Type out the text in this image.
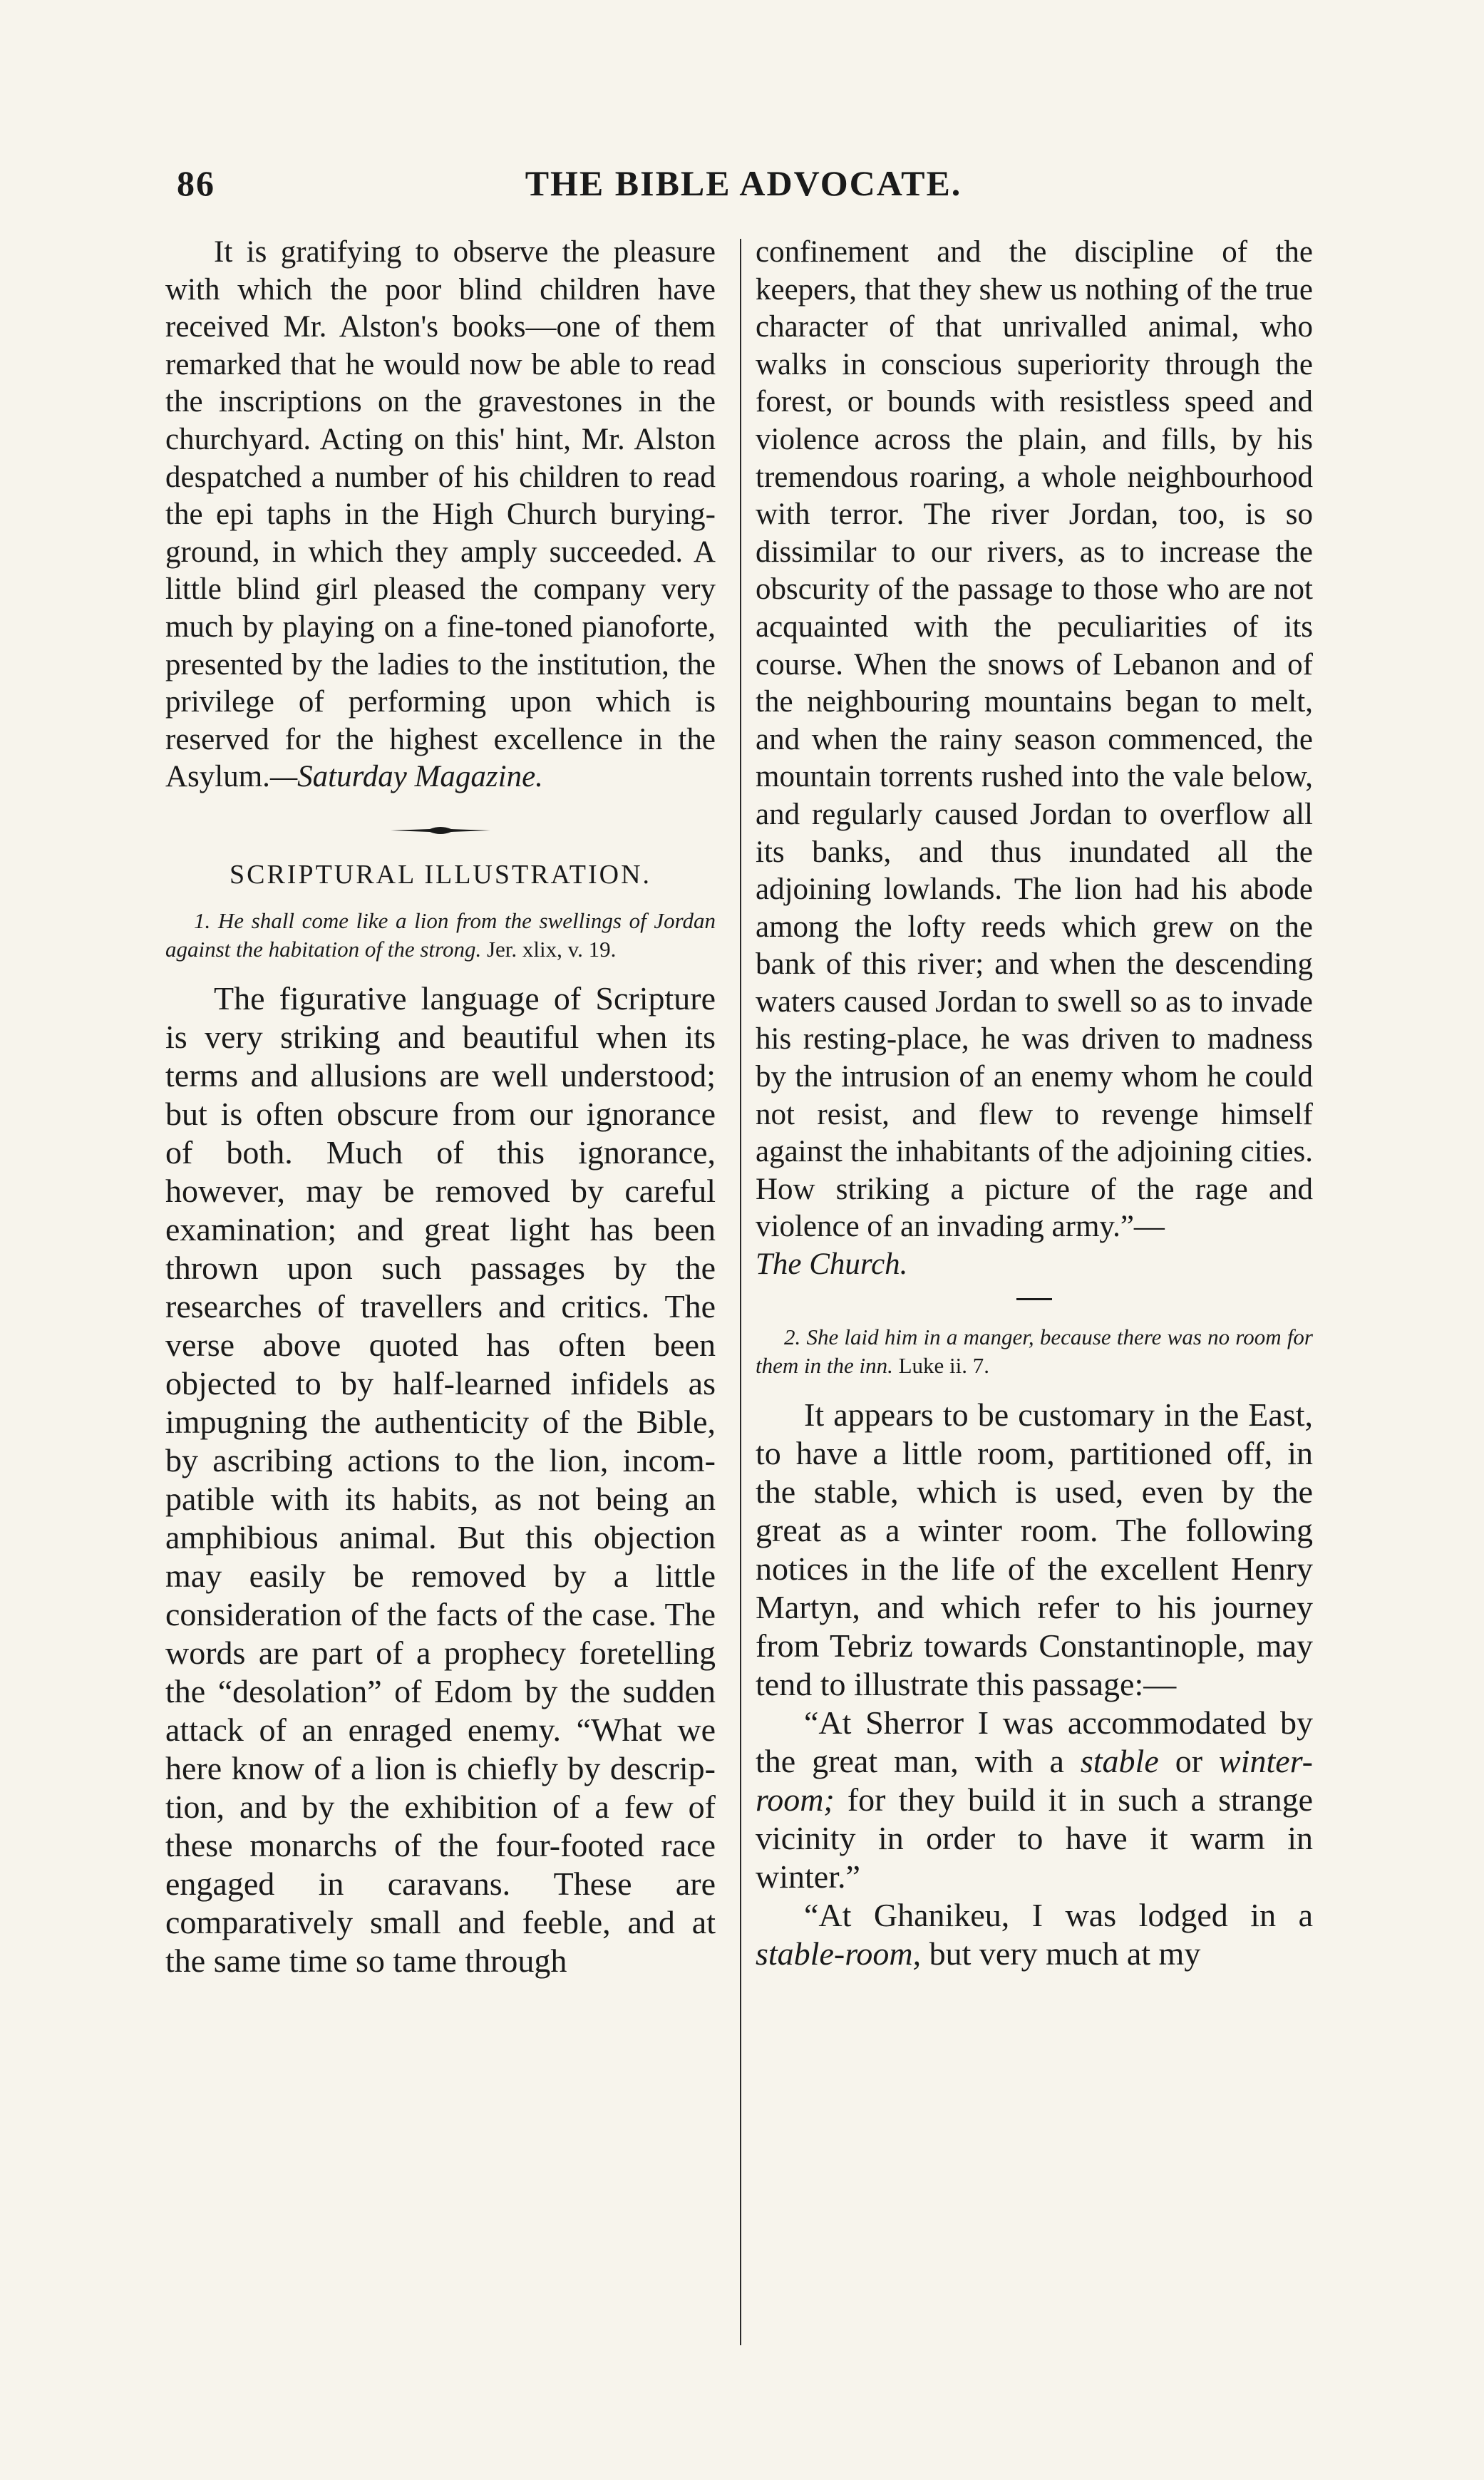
86	THE BIBLE ADVOCATE.

It is gratifying to observe the pleasure with which the poor blind children have received Mr. Alston's books—one of them remarked that he would now be able to read the inscriptions on the gravestones in the churchyard. Acting on this' hint, Mr. Alston despatched a number of his children to read the epi taphs in the High Church burying-ground, in which they amply succeeded. A little blind girl pleased the company very much by playing on a fine-toned pianoforte, presented by the ladies to the institution, the privilege of performing upon which is reserved for the highest excellence in the Asylum.—Saturday Magazine.

SCRIPTURAL ILLUSTRATION.

1. He shall come like a lion from the swellings of Jordan against the habitation of the strong. Jer. xlix, v. 19.

The figurative language of Scripture is very striking and beautiful when its terms and allusions are well understood; but is often obscure from our ignorance of both. Much of this ignorance, however, may be removed by careful examination; and great light has been thrown upon such passages by the researches of travellers and critics. The verse above quoted has often been objected to by half-learned infidels as impugning the authenticity of the Bible, by ascribing actions to the lion, incompatible with its habits, as not being an amphibious animal. But this objection may easily be removed by a little consideration of the facts of the case. The words are part of a prophecy foretelling the “desolation” of Edom by the sudden attack of an enraged enemy. “What we here know of a lion is chiefly by description, and by the exhibition of a few of these monarchs of the four-footed race engaged in caravans. These are comparatively small and feeble, and at the same time so tame through

confinement and the discipline of the keepers, that they shew us nothing of the true character of that unrivalled animal, who walks in conscious superiority through the forest, or bounds with resistless speed and violence across the plain, and fills, by his tremendous roaring, a whole neighbourhood with terror. The river Jordan, too, is so dissimilar to our rivers, as to increase the obscurity of the passage to those who are not acquainted with the peculiarities of its course. When the snows of Lebanon and of the neighbouring mountains began to melt, and when the rainy season commenced, the mountain torrents rushed into the vale below, and regularly caused Jordan to overflow all its banks, and thus inundated all the adjoining lowlands. The lion had his abode among the lofty reeds which grew on the bank of this river; and when the descending waters caused Jordan to swell so as to invade his resting-place, he was driven to madness by the intrusion of an enemy whom he could not resist, and flew to revenge himself against the inhabitants of the adjoining cities. How striking a picture of the rage and violence of an invading army.”—

The Church.

2. She laid him in a manger, because there was no room for them in the inn. Luke ii. 7.

It appears to be customary in the East, to have a little room, partitioned off, in the stable, which is used, even by the great as a winter room. The following notices in the life of the excellent Henry Martyn, and which refer to his journey from Tebriz towards Constantinople, may tend to illustrate this passage:—

“At Sherror I was accommodated by the great man, with a stable or winter-room; for they build it in such a strange vicinity in order to have it warm in winter.”

“At Ghanikeu, I was lodged in a stable-room, but very much at my
